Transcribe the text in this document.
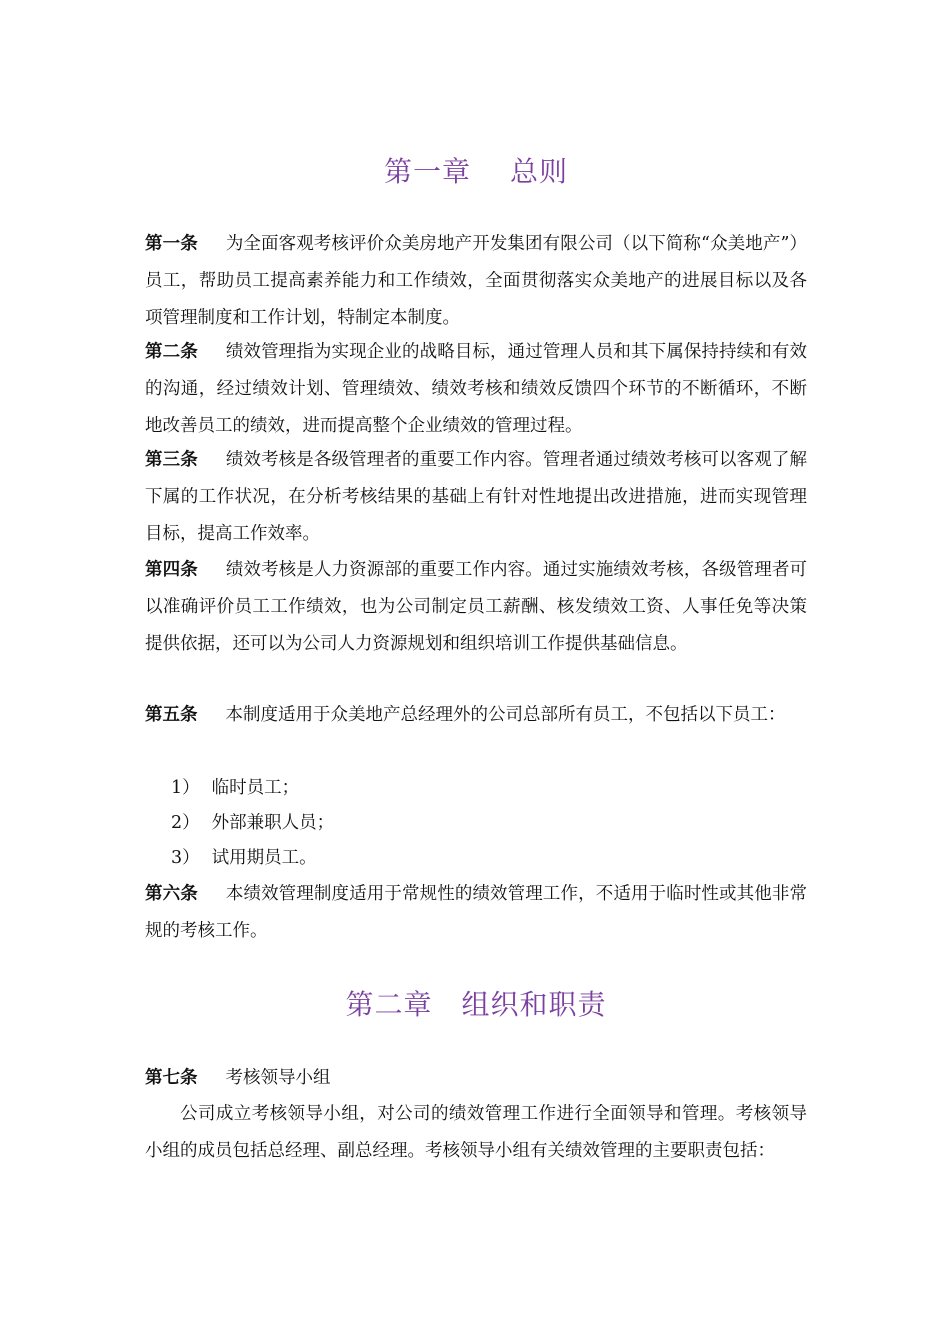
第一章　 总则
第一条 为全面客观考核评价众美房地产开发集团有限公司（以下简称“众美地产”）员工，帮助员工提高素养能力和工作绩效，全面贯彻落实众美地产的进展目标以及各项管理制度和工作计划，特制定本制度。
第二条 绩效管理指为实现企业的战略目标，通过管理人员和其下属保持持续和有效的沟通，经过绩效计划、管理绩效、绩效考核和绩效反馈四个环节的不断循环，不断地改善员工的绩效，进而提高整个企业绩效的管理过程。
第三条 绩效考核是各级管理者的重要工作内容。管理者通过绩效考核可以客观了解下属的工作状况，在分析考核结果的基础上有针对性地提出改进措施，进而实现管理目标，提高工作效率。
第四条 绩效考核是人力资源部的重要工作内容。通过实施绩效考核，各级管理者可以准确评价员工工作绩效，也为公司制定员工薪酬、核发绩效工资、人事任免等决策提供依据，还可以为公司人力资源规划和组织培训工作提供基础信息。
第五条 本制度适用于众美地产总经理外的公司总部所有员工，不包括以下员工：
1） 临时员工；
2） 外部兼职人员；
3） 试用期员工。
第六条 本绩效管理制度适用于常规性的绩效管理工作，不适用于临时性或其他非常规的考核工作。
第二章　组织和职责
第七条 考核领导小组
公司成立考核领导小组，对公司的绩效管理工作进行全面领导和管理。考核领导小组的成员包括总经理、副总经理。考核领导小组有关绩效管理的主要职责包括：
